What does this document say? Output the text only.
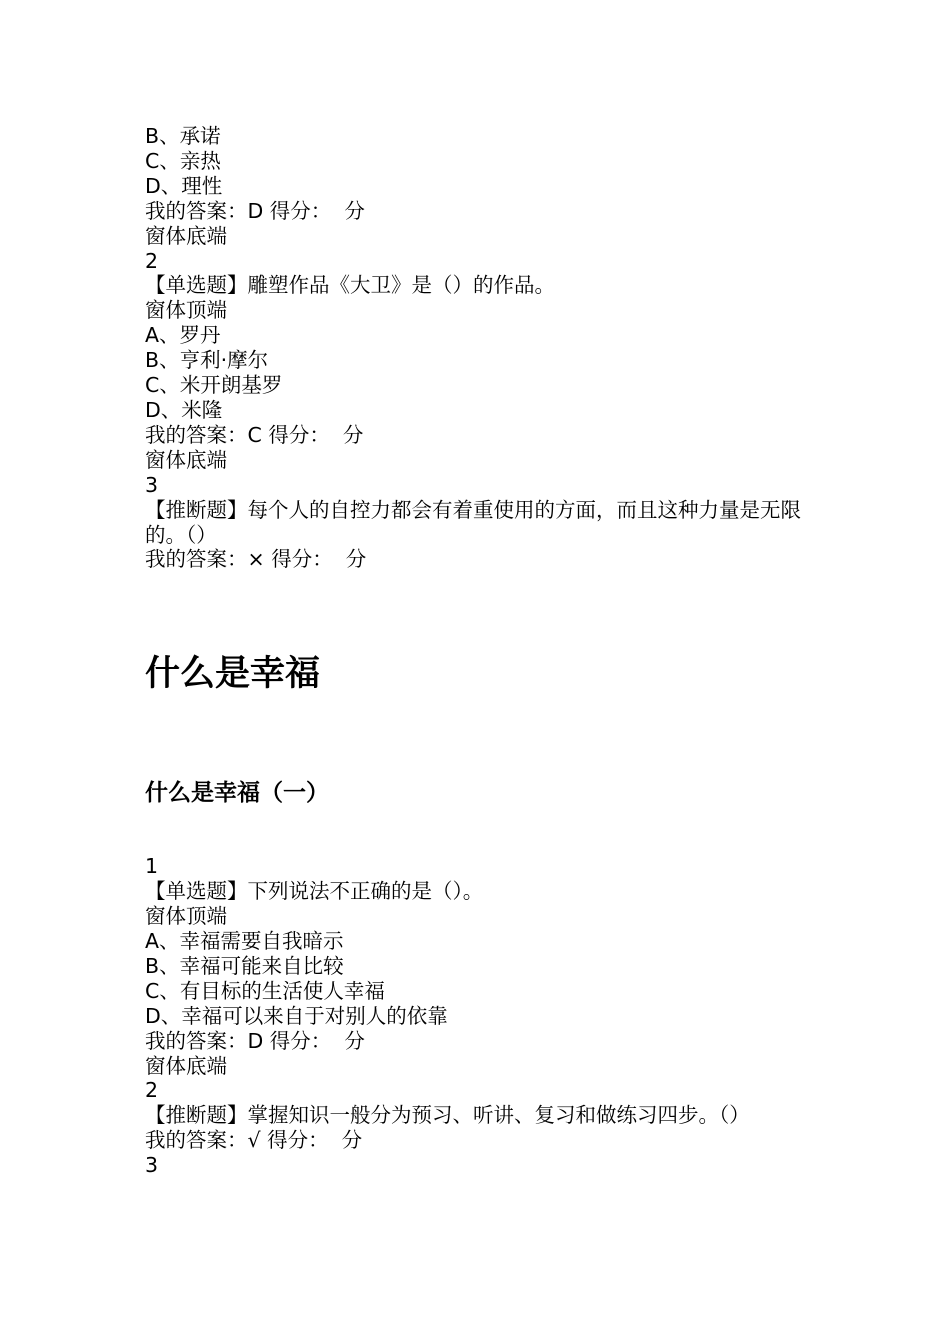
B、承诺
C、亲热
D、理性
我的答案：D 得分：  分
窗体底端
2
【单选题】雕塑作品《大卫》是（）的作品。
窗体顶端
A、罗丹
B、亨利·摩尔
C、米开朗基罗
D、米隆
我的答案：C 得分：  分
窗体底端
3
【推断题】每个人的自控力都会有着重使用的方面，而且这种力量是无限的。（）
我的答案：× 得分：  分
什么是幸福
什么是幸福（一）
1
【单选题】下列说法不正确的是（）。
窗体顶端
A、幸福需要自我暗示
B、幸福可能来自比较
C、有目标的生活使人幸福
D、幸福可以来自于对别人的依靠
我的答案：D 得分：  分
窗体底端
2
【推断题】掌握知识一般分为预习、听讲、复习和做练习四步。（）
我的答案：√ 得分：  分
3
